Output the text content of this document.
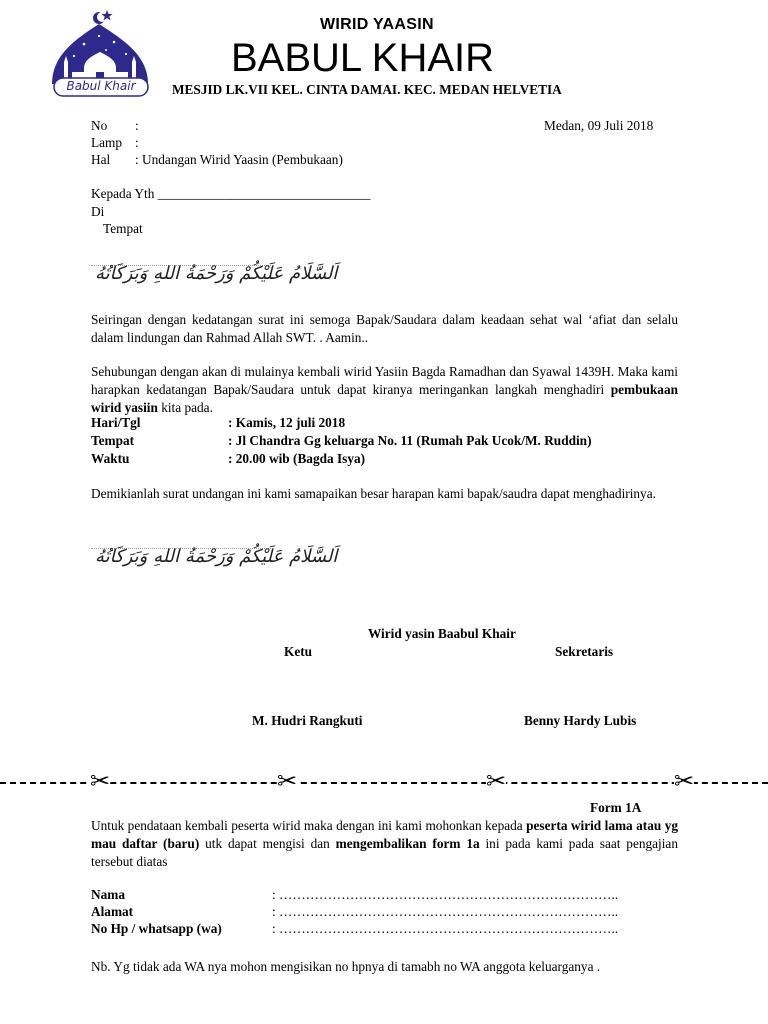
Babul Khair
WIRID YAASIN
BABUL KHAIR
MESJID LK.VII KEL. CINTA DAMAI. KEC. MEDAN HELVETIA
No :	Medan, 09 Juli 2018
Lamp :
Hal : Undangan Wirid Yaasin (Pembukaan)
Kepada Yth ________________________________
Di
Tempat
اَلسَّلَامُ عَلَيْكُمْ وَرَحْمَةُ اللهِ وَبَرَكَاتُهُ
Seiringan dengan kedatangan surat ini semoga Bapak/Saudara dalam keadaan sehat wal ‘afiat dan selalu dalam lindungan dan Rahmad Allah SWT. . Aamin..
Sehubungan dengan akan di mulainya kembali wirid Yasiin Bagda Ramadhan dan Syawal 1439H. Maka kami harapkan kedatangan Bapak/Saudara untuk dapat kiranya meringankan langkah menghadiri pembukaan wirid yasiin kita pada.
Hari/Tgl	: Kamis, 12 juli 2018
Tempat	: Jl Chandra Gg keluarga No. 11 (Rumah Pak Ucok/M. Ruddin)
Waktu	: 20.00 wib (Bagda Isya)
Demikianlah surat undangan ini kami samapaikan besar harapan kami bapak/saudra dapat menghadirinya.
اَلسَّلَامُ عَلَيْكُمْ وَرَحْمَةُ اللهِ وَبَرَكَاتُهُ
Wirid yasin Baabul Khair
Ketu	Sekretaris
M. Hudri Rangkuti	Benny Hardy Lubis
✂	✂	✂	✂
Form 1A
Untuk pendataan kembali peserta wirid maka dengan ini kami mohonkan kepada peserta wirid lama atau yg mau daftar (baru) utk dapat mengisi dan mengembalikan form 1a ini pada kami pada saat pengajian tersebut diatas
Nama	: …………………………………………………………………..
Alamat	: …………………………………………………………………..
No Hp / whatsapp (wa)	: …………………………………………………………………..
Nb. Yg tidak ada WA nya mohon mengisikan no hpnya di tamabh no WA anggota keluarganya .
